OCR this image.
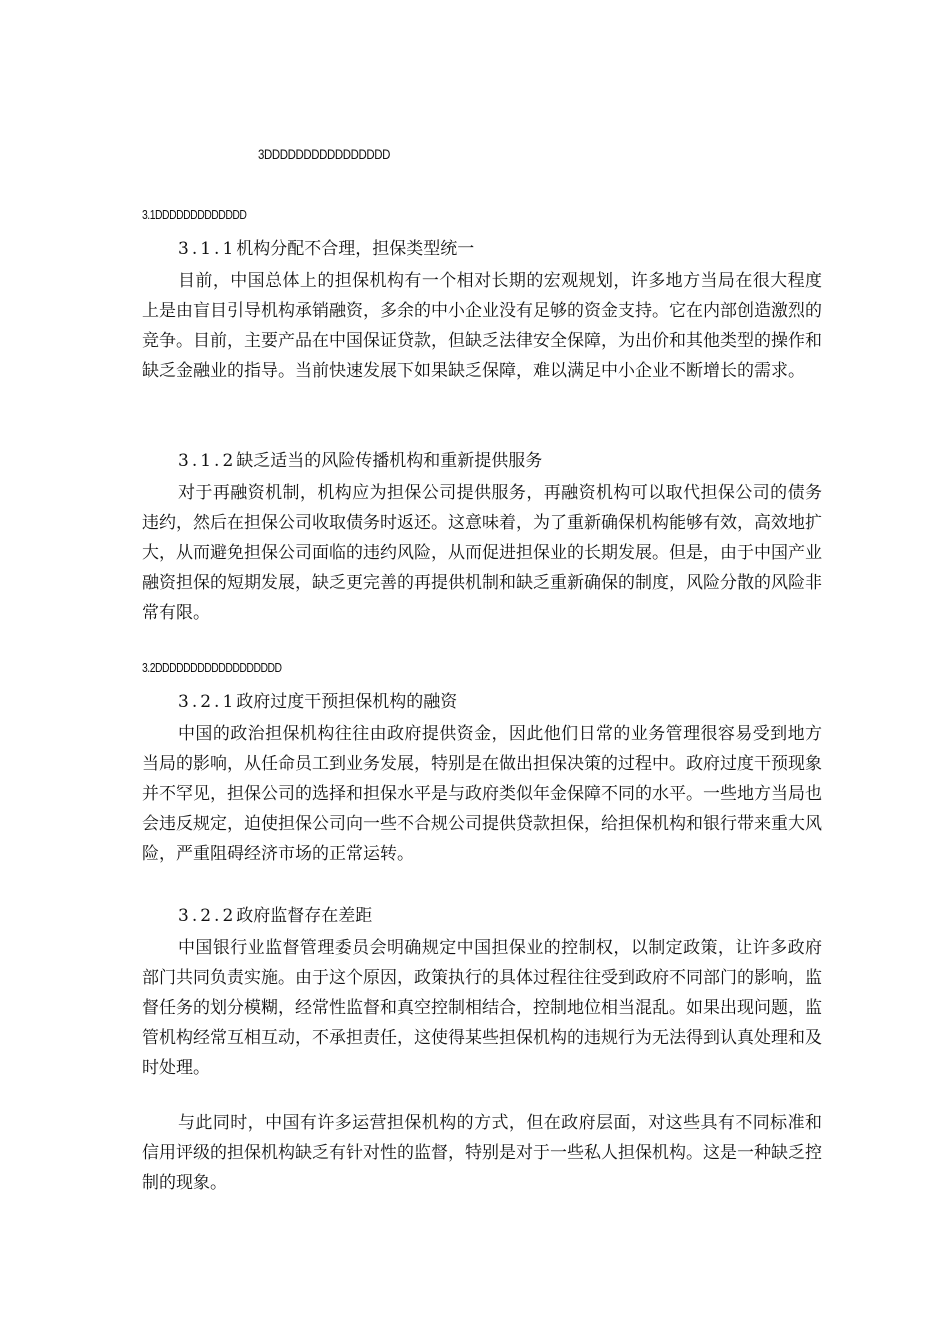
3DDDDDDDDDDDDDDDD
3.1DDDDDDDDDDDDD
3.1.1机构分配不合理，担保类型统一
目前，中国总体上的担保机构有一个相对长期的宏观规划，许多地方当局在很大程度上是由盲目引导机构承销融资，多余的中小企业没有足够的资金支持。它在内部创造激烈的竞争。目前，主要产品在中国保证贷款，但缺乏法律安全保障，为出价和其他类型的操作和缺乏金融业的指导。当前快速发展下如果缺乏保障，难以满足中小企业不断增长的需求。
3.1.2缺乏适当的风险传播机构和重新提供服务
对于再融资机制，机构应为担保公司提供服务，再融资机构可以取代担保公司的债务违约，然后在担保公司收取债务时返还。这意味着，为了重新确保机构能够有效，高效地扩大，从而避免担保公司面临的违约风险，从而促进担保业的长期发展。但是，由于中国产业融资担保的短期发展，缺乏更完善的再提供机制和缺乏重新确保的制度，风险分散的风险非常有限。
3.2DDDDDDDDDDDDDDDDDD
3.2.1政府过度干预担保机构的融资
中国的政治担保机构往往由政府提供资金，因此他们日常的业务管理很容易受到地方当局的影响，从任命员工到业务发展，特别是在做出担保决策的过程中。政府过度干预现象并不罕见，担保公司的选择和担保水平是与政府类似年金保障不同的水平。一些地方当局也会违反规定，迫使担保公司向一些不合规公司提供贷款担保，给担保机构和银行带来重大风险，严重阻碍经济市场的正常运转。
3.2.2政府监督存在差距
中国银行业监督管理委员会明确规定中国担保业的控制权，以制定政策，让许多政府部门共同负责实施。由于这个原因，政策执行的具体过程往往受到政府不同部门的影响，监督任务的划分模糊，经常性监督和真空控制相结合，控制地位相当混乱。如果出现问题，监管机构经常互相互动，不承担责任，这使得某些担保机构的违规行为无法得到认真处理和及时处理。
与此同时，中国有许多运营担保机构的方式，但在政府层面，对这些具有不同标准和信用评级的担保机构缺乏有针对性的监督，特别是对于一些私人担保机构。这是一种缺乏控制的现象。
